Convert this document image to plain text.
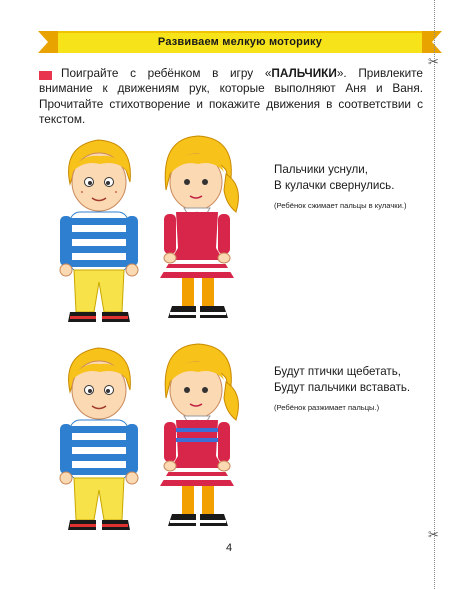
Развиваем мелкую моторику
✂
✂
Поиграйте с ребёнком в игру «ПАЛЬЧИКИ». Привлеките внимание к движениям рук, которые выполняют Аня и Ваня. Прочитайте стихотворение и покажите движения в соответствии с текстом.
Пальчики уснули,
В кулачки свернулись.
(Ребёнок сжимает пальцы в кулачки.)
Будут птички щебетать,
Будут пальчики вставать.
(Ребёнок разжимает пальцы.)
4
